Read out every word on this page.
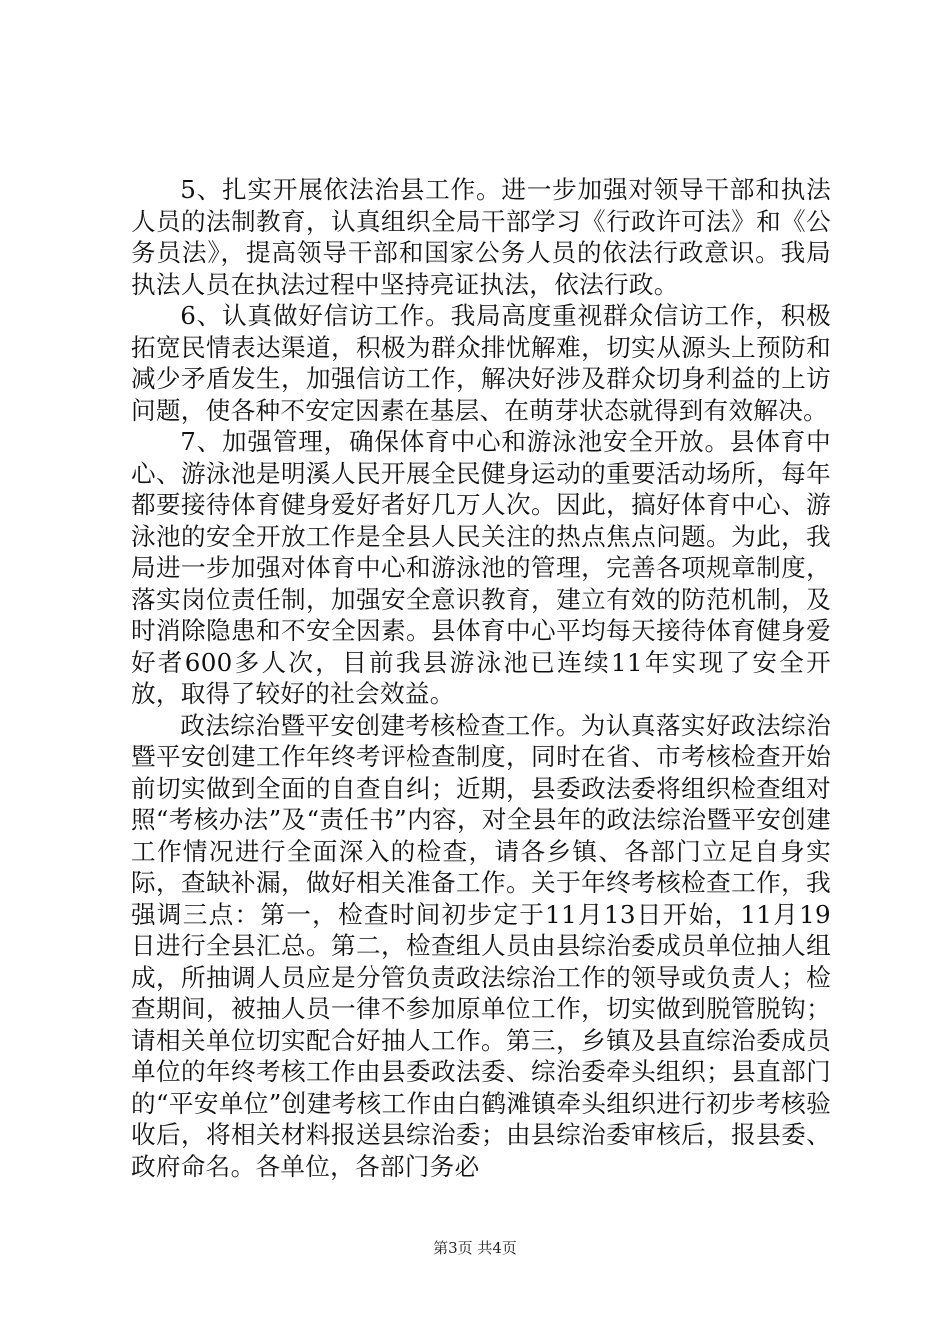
5、扎实开展依法治县工作。进一步加强对领导干部和执法人员的法制教育，认真组织全局干部学习《行政许可法》和《公务员法》，提高领导干部和国家公务人员的依法行政意识。我局执法人员在执法过程中坚持亮证执法，依法行政。

6、认真做好信访工作。我局高度重视群众信访工作，积极拓宽民情表达渠道，积极为群众排忧解难，切实从源头上预防和减少矛盾发生，加强信访工作，解决好涉及群众切身利益的上访问题，使各种不安定因素在基层、在萌芽状态就得到有效解决。

7、加强管理，确保体育中心和游泳池安全开放。县体育中心、游泳池是明溪人民开展全民健身运动的重要活动场所，每年都要接待体育健身爱好者好几万人次。因此，搞好体育中心、游泳池的安全开放工作是全县人民关注的热点焦点问题。为此，我局进一步加强对体育中心和游泳池的管理，完善各项规章制度，落实岗位责任制，加强安全意识教育，建立有效的防范机制，及时消除隐患和不安全因素。县体育中心平均每天接待体育健身爱好者600多人次，目前我县游泳池已连续11年实现了安全开放，取得了较好的社会效益。

政法综治暨平安创建考核检查工作。为认真落实好政法综治暨平安创建工作年终考评检查制度，同时在省、市考核检查开始前切实做到全面的自查自纠；近期，县委政法委将组织检查组对照“考核办法”及“责任书”内容，对全县年的政法综治暨平安创建工作情况进行全面深入的检查，请各乡镇、各部门立足自身实际，查缺补漏，做好相关准备工作。关于年终考核检查工作，我强调三点：第一，检查时间初步定于11月13日开始，11月19日进行全县汇总。第二，检查组人员由县综治委成员单位抽人组成，所抽调人员应是分管负责政法综治工作的领导或负责人；检查期间，被抽人员一律不参加原单位工作，切实做到脱管脱钩；请相关单位切实配合好抽人工作。第三，乡镇及县直综治委成员单位的年终考核工作由县委政法委、综治委牵头组织；县直部门的“平安单位”创建考核工作由白鹤滩镇牵头组织进行初步考核验收后，将相关材料报送县综治委；由县综治委审核后，报县委、政府命名。各单位，各部门务必

第3页 共4页
